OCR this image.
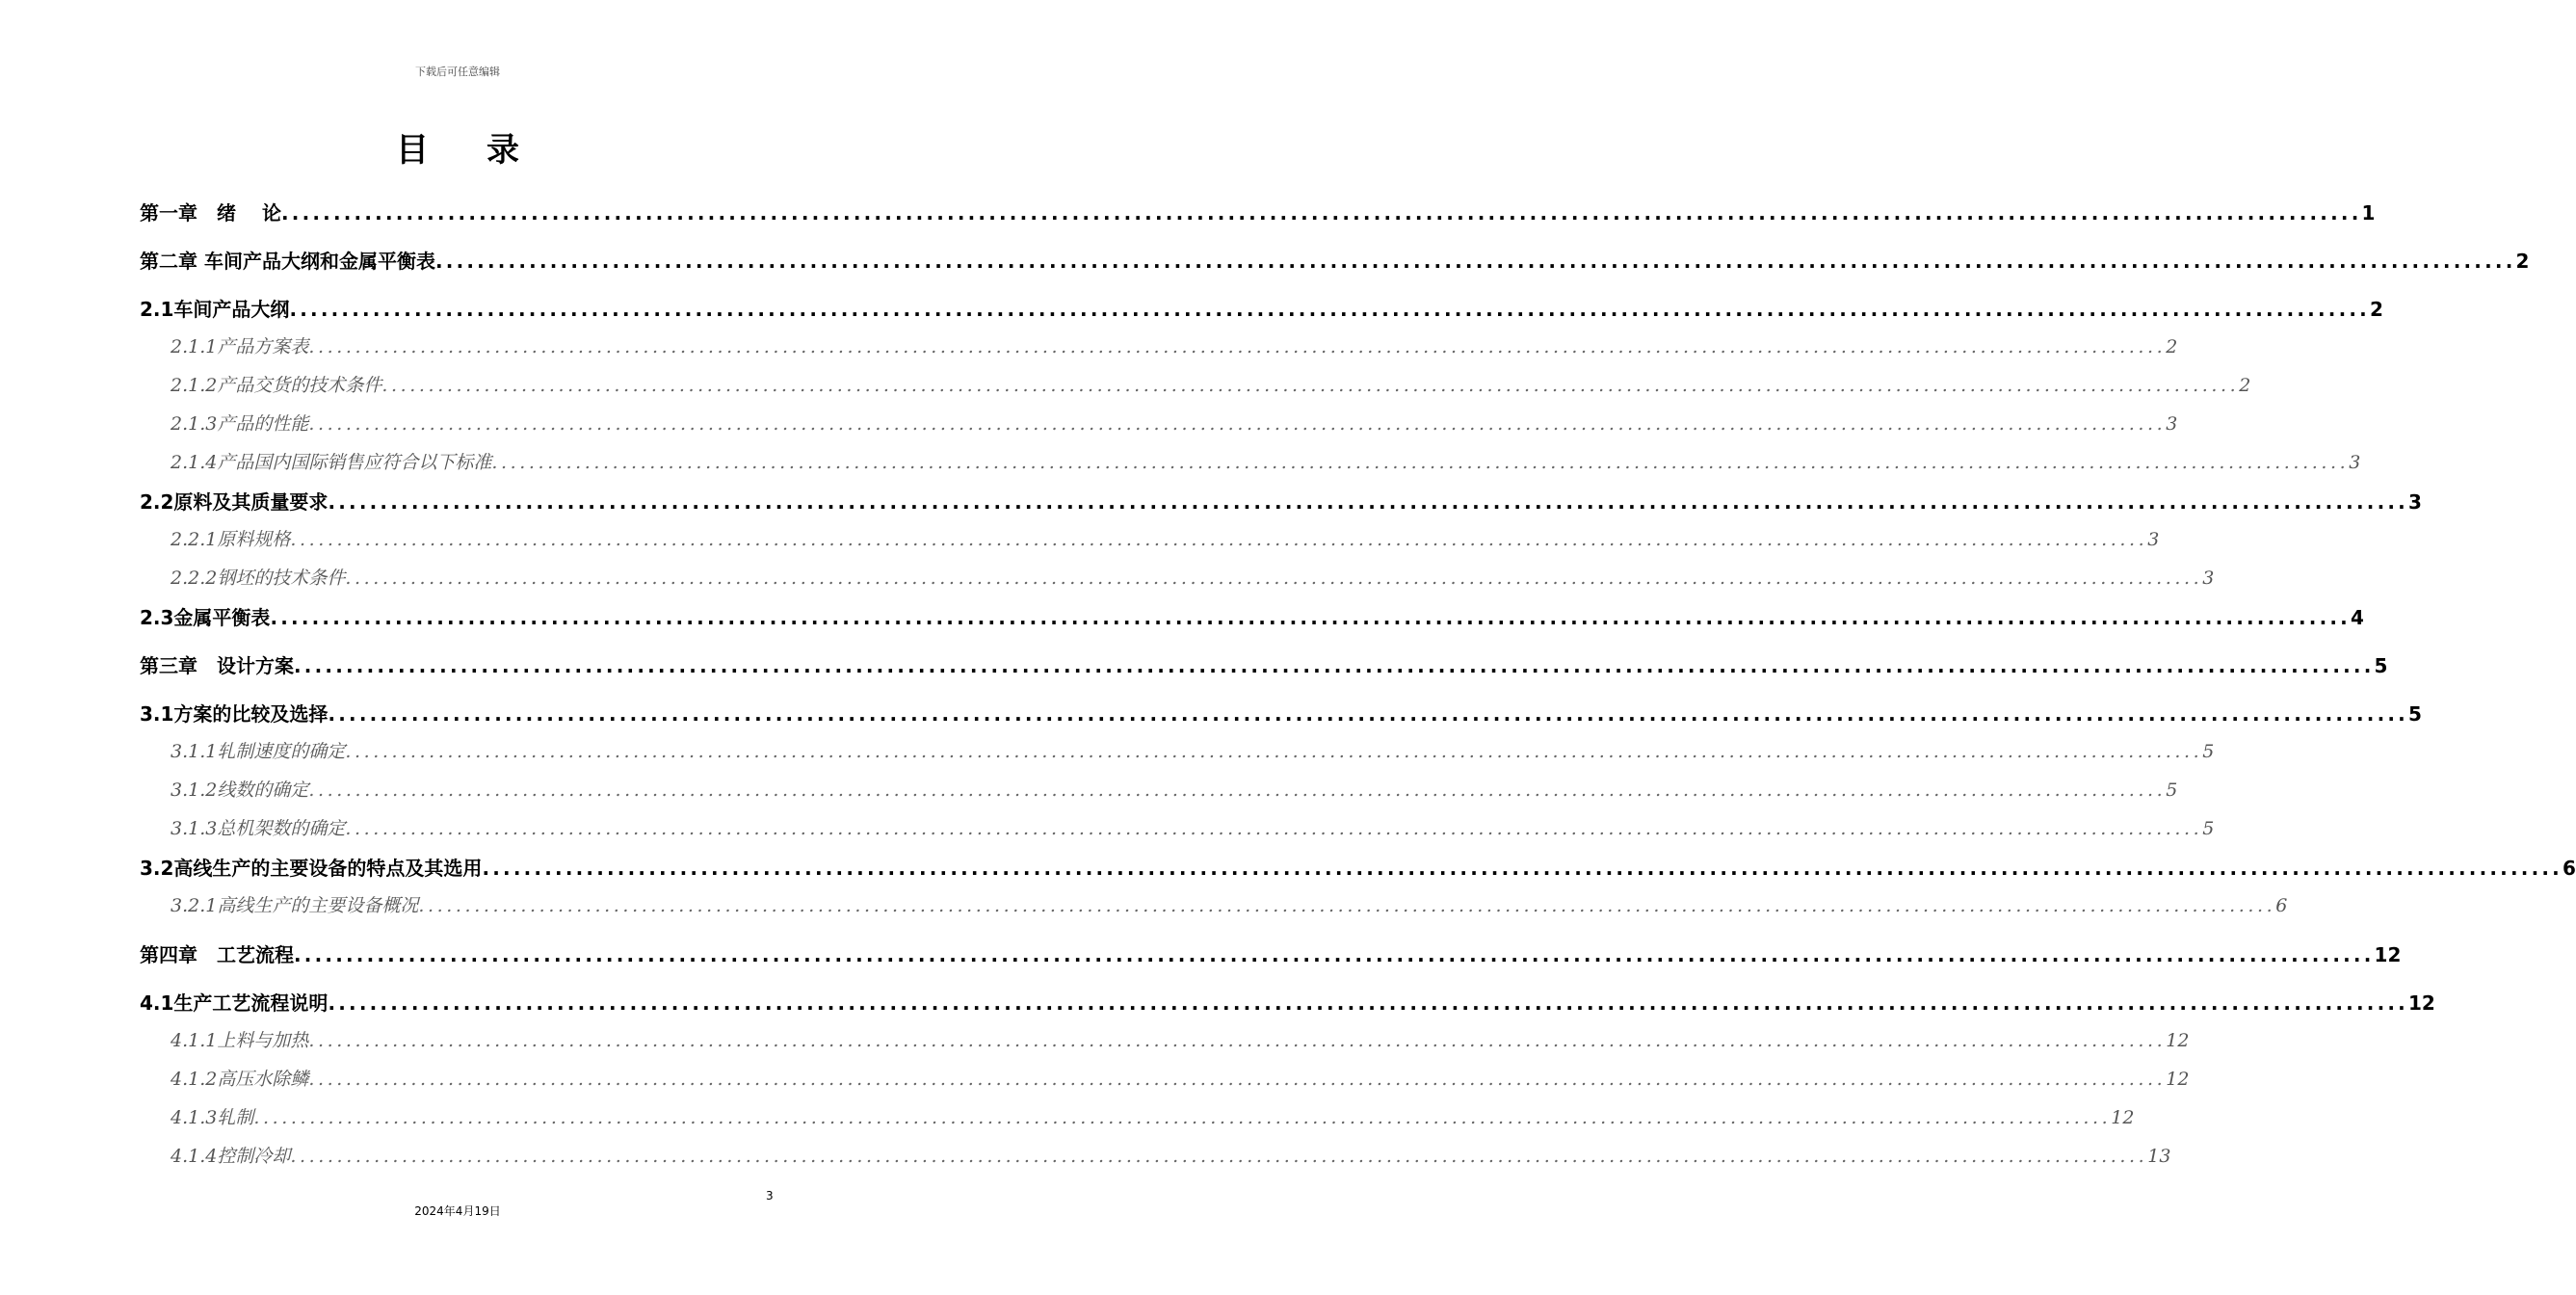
下载后可任意编辑
目 录
第一章　绪　 论 ........................................................................................................................................................................................................ 1
第二章 车间产品大纲和金属平衡表 ........................................................................................................................................................................................................ 2
2.1车间产品大纲 ........................................................................................................................................................................................................ 2
2.1.1产品方案表 ........................................................................................................................................................................................................ 2
2.1.2产品交货的技术条件 ........................................................................................................................................................................................................ 2
2.1.3产品的性能 ........................................................................................................................................................................................................ 3
2.1.4产品国内国际销售应符合以下标准 ........................................................................................................................................................................................................ 3
2.2原料及其质量要求 ........................................................................................................................................................................................................ 3
2.2.1原料规格 ........................................................................................................................................................................................................ 3
2.2.2钢坯的技术条件 ........................................................................................................................................................................................................ 3
2.3金属平衡表 ........................................................................................................................................................................................................ 4
第三章　设计方案 ........................................................................................................................................................................................................ 5
3.1方案的比较及选择 ........................................................................................................................................................................................................ 5
3.1.1轧制速度的确定 ........................................................................................................................................................................................................ 5
3.1.2线数的确定 ........................................................................................................................................................................................................ 5
3.1.3总机架数的确定 ........................................................................................................................................................................................................ 5
3.2高线生产的主要设备的特点及其选用 ........................................................................................................................................................................................................ 6
3.2.1高线生产的主要设备概况 ........................................................................................................................................................................................................ 6
第四章　工艺流程 ........................................................................................................................................................................................................ 12
4.1生产工艺流程说明 ........................................................................................................................................................................................................ 12
4.1.1上料与加热 ........................................................................................................................................................................................................ 12
4.1.2高压水除鳞 ........................................................................................................................................................................................................ 12
4.1.3轧制 ........................................................................................................................................................................................................ 12
4.1.4控制冷却 ........................................................................................................................................................................................................ 13
3
2024年4月19日
